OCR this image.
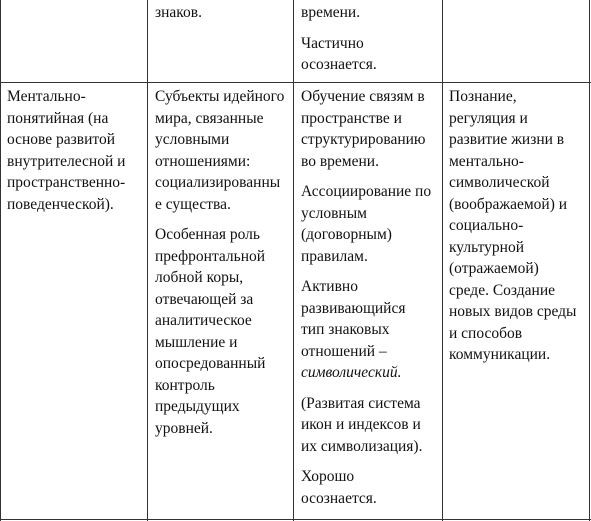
знаков.	времени.

Частично

осознается.

Ментально-

понятийная (на

основе развитой

внутрителесной и

пространственно-

поведенческой).

Субъекты идейного

мира, связанные

условными

отношениями:

социализированны

е существа.

Особенная роль

префронтальной

лобной коры,

отвечающей за

аналитическое

мышление и

опосредованный

контроль

предыдущих

уровней.

Обучение связям в

пространстве и

структурированию

во времени.

Ассоциирование по

условным

(договорным)

правилам.

Активно

развивающийся

тип знаковых

отношений –

символический.

(Развитая система

икон и индексов и

их символизация).

Хорошо

осознается.

Познание,

регуляция и

развитие жизни в

ментально-

символической

(воображаемой) и

социально-

культурной

(отражаемой)

среде. Создание

новых видов среды

и способов

коммуникации.
